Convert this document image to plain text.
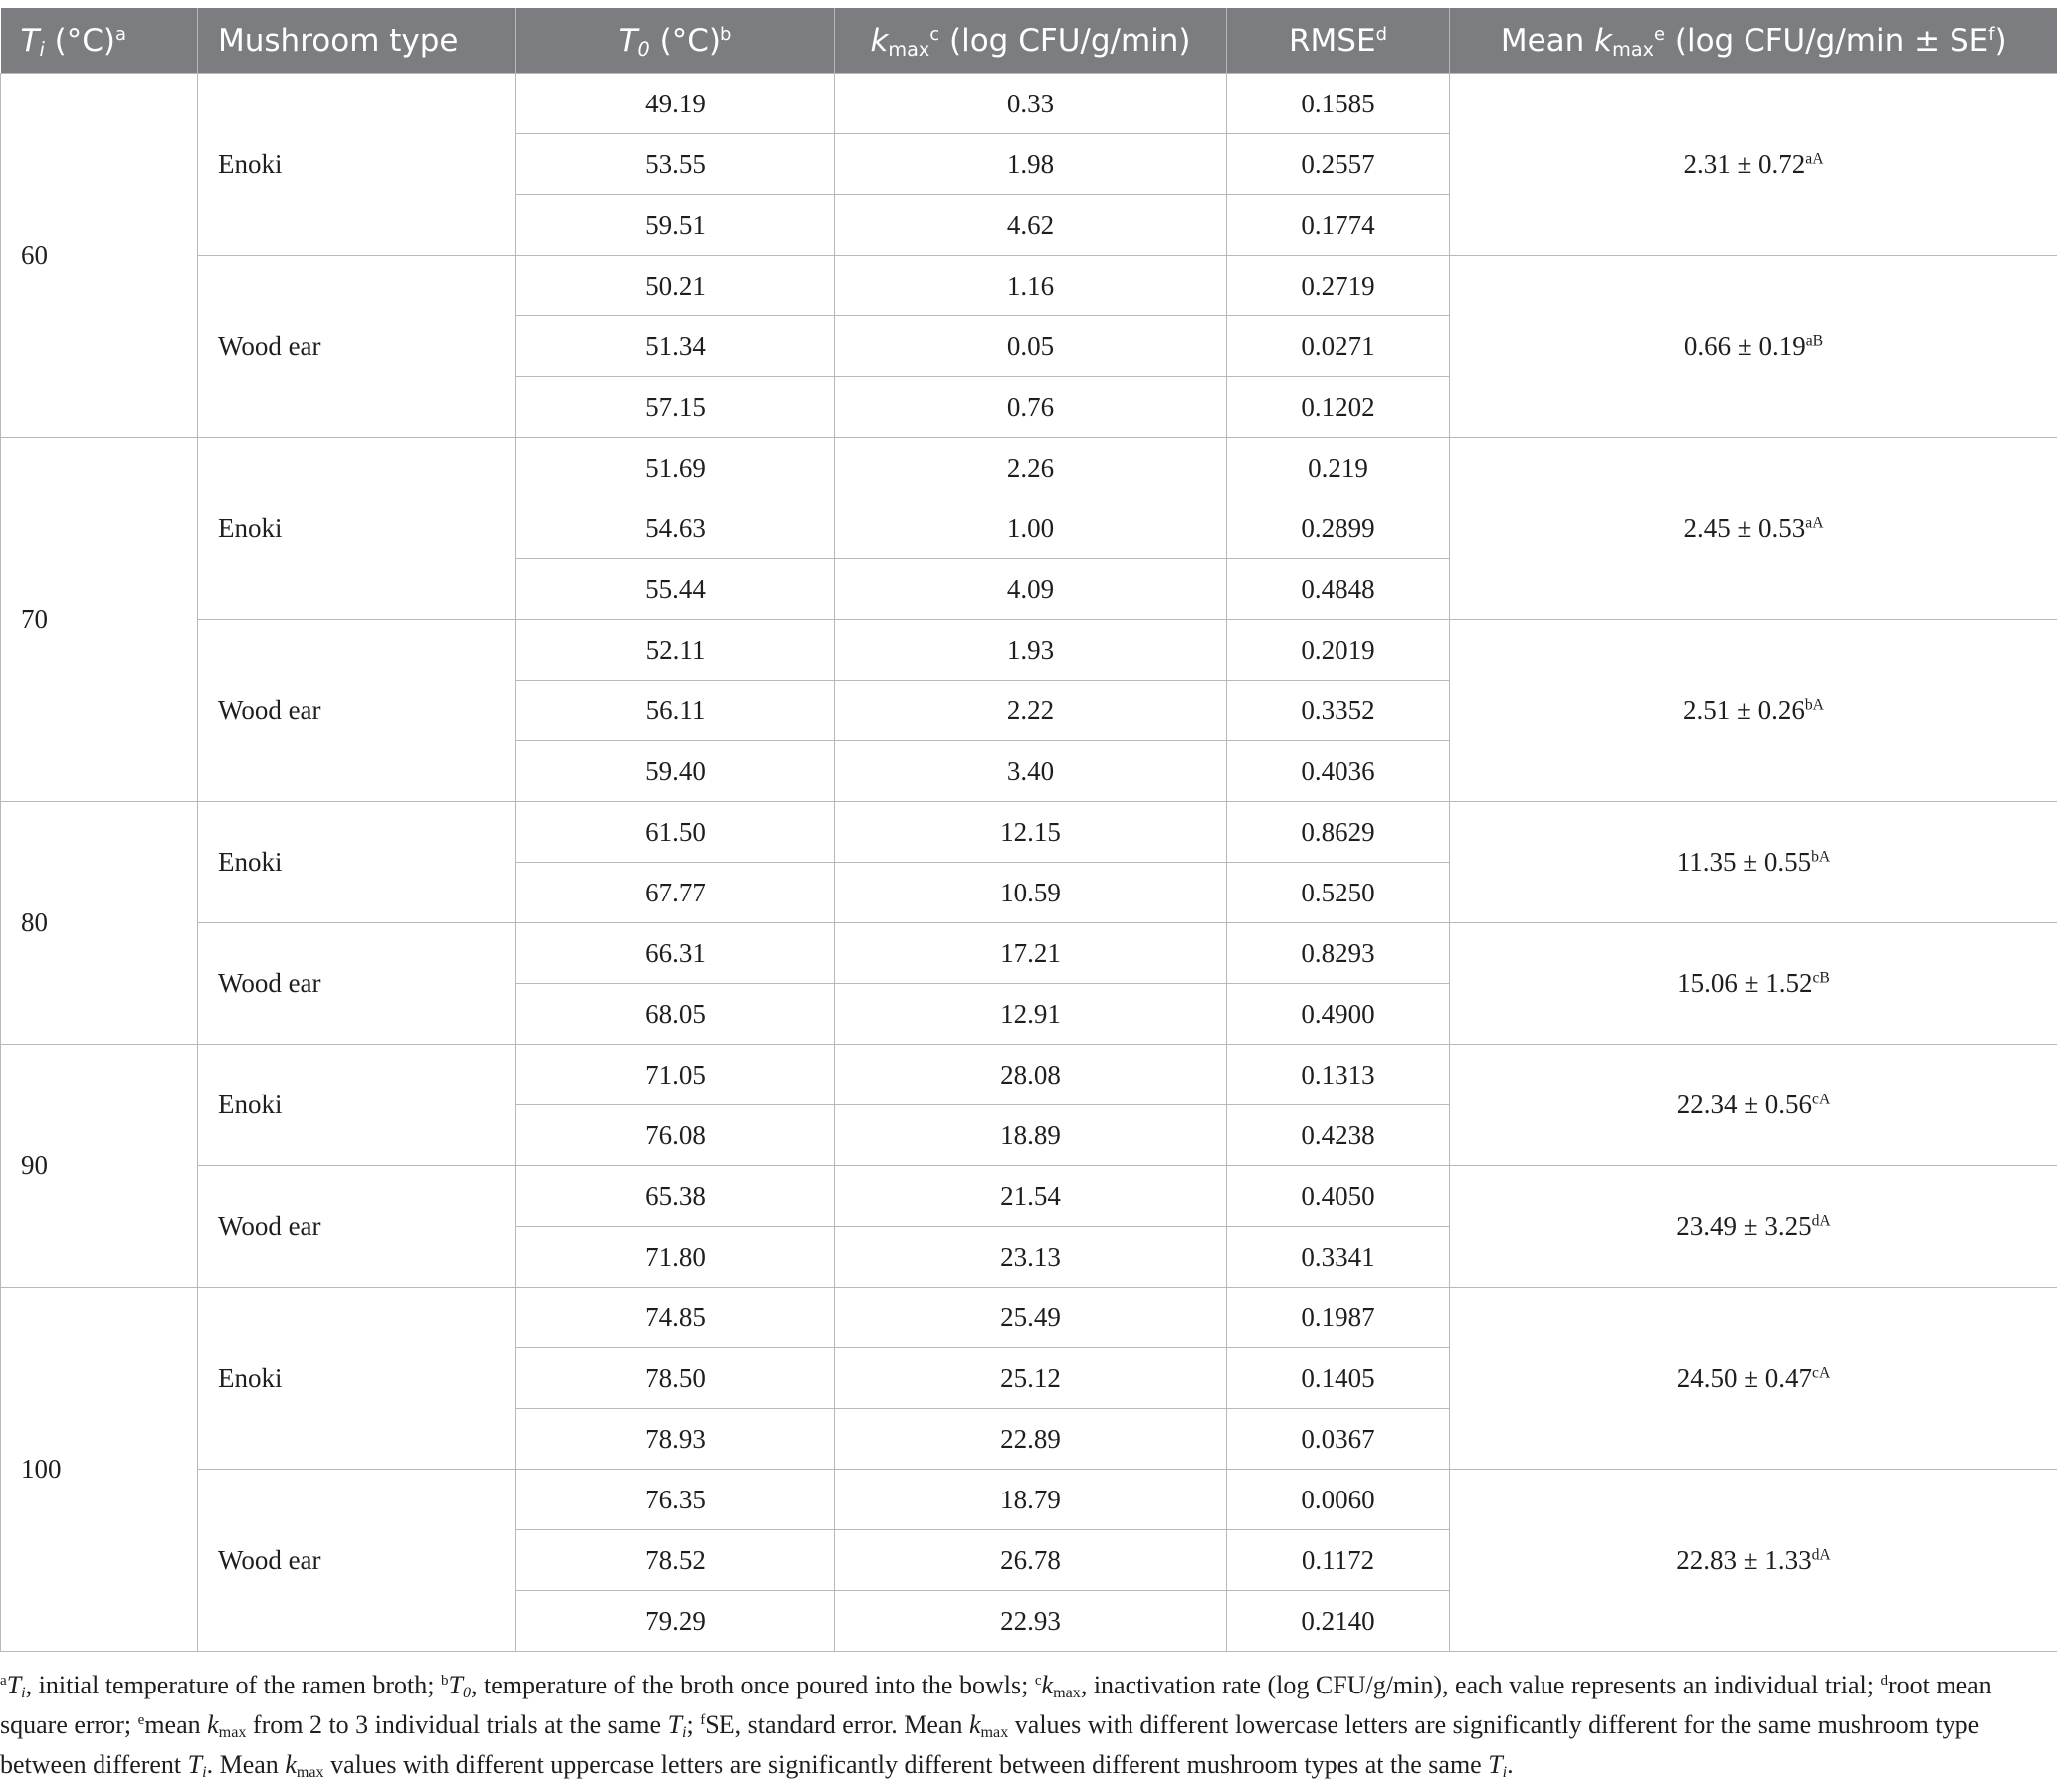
$T_i$ $(^\circ C)^a$	Mushroom type	$T_0$ $(^\circ C)^b$	$k_{max}^c$ (log CFU/g/min)	RMSE$^d$	Mean $k_{max}^e$ (log $CFU/g/\min \pm SE^f$)
60	Enoki	49.19	0.33	0.1585	$2.31 \pm 0.72^{aA}$
		53.55	1.98	0.2557	
		59.51	4.62	0.1774	
	Wood ear	50.21	1.16	0.2719	$0.66 \pm 0.19^{aB}$
		51.34	0.05	0.0271	
		57.15	0.76	0.1202	
70	Enoki	51.69	2.26	0.219	$2.45 \pm 0.53^{aA}$
		54.63	1.00	0.2899	
		55.44	4.09	0.4848	
	Wood ear	52.11	1.93	0.2019	$2.51 \pm 0.26^{bA}$
		56.11	2.22	0.3352	
		59.40	3.40	0.4036	
80	Enoki	61.50	12.15	0.8629	$11.35 \pm 0.55^{bA}$
		67.77	10.59	0.5250	
	Wood ear	66.31	17.21	0.8293	$15.06 \pm 1.52^{cB}$
		68.05	12.91	0.4900	
90	Enoki	71.05	28.08	0.1313	$22.34 \pm 0.56^{cA}$
		76.08	18.89	0.4238	
	Wood ear	65.38	21.54	0.4050	$23.49 \pm 3.25^{dA}$
		71.80	23.13	0.3341	
100	Enoki	74.85	25.49	0.1987	$24.50 \pm 0.47^{cA}$
		78.50	25.12	0.1405	
		78.93	22.89	0.0367	
	Wood ear	76.35	18.79	0.0060	$22.83 \pm 1.33^{dA}$
		78.52	26.78	0.1172	
		79.29	22.93	0.2140	
$^aT_i$, initial temperature of the ramen broth; $^bT_0$, temperature of the broth once poured into the bowls; $^ck_{max}$, inactivation rate (log CFU/g/min), each value represents an individual trial; $^d$root mean square error; $^e$mean $k_{max}$ from 2 to 3 individual trials at the same $T_i$; $^f$SE, standard error. Mean $k_{max}$ values with different lowercase letters are significantly different for the same mushroom type between different $T_i$. Mean $k_{max}$ values with different uppercase letters are significantly different between different mushroom types at the same $T_i$.
